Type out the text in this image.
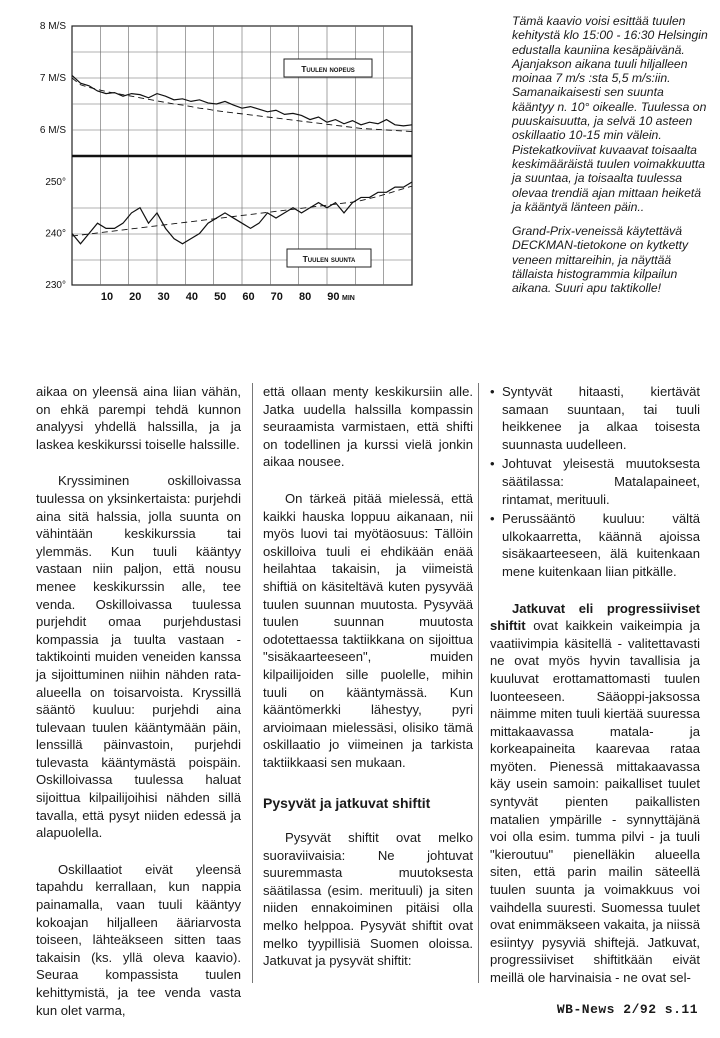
8 M/S
7 M/S
6 M/S
250°
240°
230°
10 20 30 40 50 60 70 80 90 MIN
Tuulen nopeus
Tuulen suunta

Tämä kaavio voisi esittää tuulen kehitystä klo 15:00 - 16:30 Helsingin edustalla kauniina kesäpäivänä. Ajanjakson aikana tuuli hiljalleen moinaa 7 m/s :sta 5,5 m/s:iin. Samanaikaisesti sen suunta kääntyy n. 10° oikealle. Tuulessa on puuskaisuutta, ja selvä 10 asteen oskillaatio 10-15 min välein. Pistekatkoviivat kuvaavat toisaalta keskimääräistä tuulen voimakkuutta ja suuntaa, ja toisaalta tuulessa olevaa trendiä ajan mittaan heiketä ja kääntyä länteen päin..

Grand-Prix-veneissä käytettävä DECKMAN-tietokone on kytketty veneen mittareihin, ja näyttää tällaista histogrammia kilpailun aikana. Suuri apu taktikolle!

aikaa on yleensä aina liian vähän, on ehkä parempi tehdä kunnon analyysi yhdellä halssilla, ja ja laskea keskikurssi toiselle halssille.

Kryssiminen oskilloivassa tuulessa on yksinkertaista: purjehdi aina sitä halssia, jolla suunta on vähintään keskikurssia tai ylemmäs. Kun tuuli kääntyy vastaan niin paljon, että nousu menee keskikurssin alle, tee venda. Oskilloivassa tuulessa purjehdit omaa purjehdustasi kompassia ja tuulta vastaan - taktikointi muiden veneiden kanssa ja sijoittuminen niihin nähden rata-alueella on toisarvoista. Kryssillä sääntö kuuluu: purjehdi aina tulevaan tuulen kääntymään päin, lenssillä päinvastoin, purjehdi tulevasta kääntymästä poispäin. Oskilloivassa tuulessa haluat sijoittua kilpailijoihisi nähden sillä tavalla, että pysyt niiden edessä ja alapuolella.

Oskillaatiot eivät yleensä tapahdu kerrallaan, kun nappia painamalla, vaan tuuli kääntyy kokoajan hiljalleen ääriarvosta toiseen, lähteäkseen sitten taas takaisin (ks. yllä oleva kaavio). Seuraa kompassista tuulen kehittymistä, ja tee venda vasta kun olet varma,

että ollaan menty keskikursiin alle. Jatka uudella halssilla kompassin seuraamista varmistaen, että shifti on todellinen ja kurssi vielä jonkin aikaa nousee.

On tärkeä pitää mielessä, että kaikki hauska loppuu aikanaan, nii myös luovi tai myötäosuus: Tällöin oskilloiva tuuli ei ehdikään enää heilahtaa takaisin, ja viimeistä shiftiä on käsiteltävä kuten pysyvää tuulen suunnan muutosta. Pysyvää tuulen suunnan muutosta odotettaessa taktiikkana on sijoittua "sisäkaarteeseen", muiden kilpailijoiden sille puolelle, mihin tuuli on kääntymässä. Kun kääntömerkki lähestyy, pyri arvioimaan mielessäsi, olisiko tämä oskillaatio jo viimeinen ja tarkista taktiikkaasi sen mukaan.

Pysyvät ja jatkuvat shiftit

Pysyvät shiftit ovat melko suoraviivaisia: Ne johtuvat suuremmasta muutoksesta säätilassa (esim. merituuli) ja siten niiden ennakoiminen pitäisi olla melko helppoa. Pysyvät shiftit ovat melko tyypillisiä Suomen oloissa. Jatkuvat ja pysyvät shiftit:

• Syntyvät hitaasti, kiertävät samaan suuntaan, tai tuuli heikkenee ja alkaa toisesta suunnasta uudelleen.
• Johtuvat yleisestä muutoksesta säätilassa: Matalapaineet, rintamat, merituuli.
• Perussääntö kuuluu: vältä ulkokaarretta, käännä ajoissa sisäkaarteeseen, älä kuitenkaan mene kuitenkaan liian pitkälle.

Jatkuvat eli progressiiviset shiftit ovat kaikkein vaikeimpia ja vaatiivimpia käsitellä - valitettavasti ne ovat myös hyvin tavallisia ja kuuluvat erottamattomasti tuulen luonteeseen. Sääoppi-jaksossa näimme miten tuuli kiertää suuressa mittakaavassa matala- ja korkeapaineita kaarevaa rataa myöten. Pienessä mittakaavassa käy usein samoin: paikalliset tuulet syntyvät pienten paikallisten matalien ympärille - synnyttäjänä voi olla esim. tumma pilvi - ja tuuli "kieroutuu" pienelläkin alueella siten, että parin mailin säteellä tuulen suunta ja voimakkuus voi vaihdella suuresti. Suomessa tuulet ovat enimmäkseen vakaita, ja niissä esiintyy pysyviä shiftejä. Jatkuvat, progressiiviset shiftitkään eivät meillä ole harvinaisia - ne ovat sel-

WB-News 2/92 s.11
